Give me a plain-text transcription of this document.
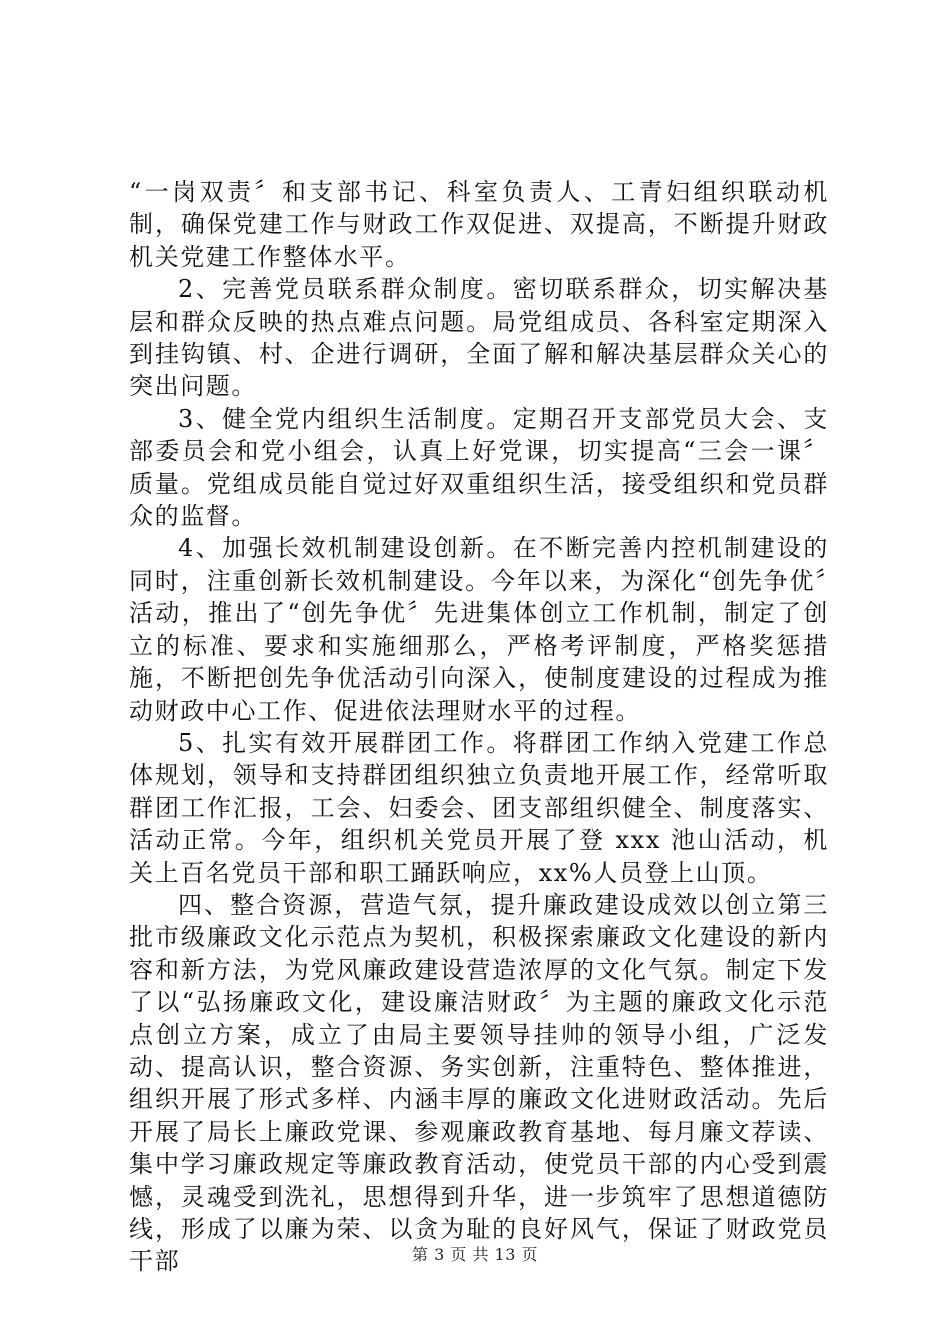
“一岗双责〞和支部书记、科室负责人、工青妇组织联动机制，确保党建工作与财政工作双促进、双提高，不断提升财政机关党建工作整体水平。

2、完善党员联系群众制度。密切联系群众，切实解决基层和群众反映的热点难点问题。局党组成员、各科室定期深入到挂钩镇、村、企进行调研，全面了解和解决基层群众关心的突出问题。

3、健全党内组织生活制度。定期召开支部党员大会、支部委员会和党小组会，认真上好党课，切实提高“三会一课〞质量。党组成员能自觉过好双重组织生活，接受组织和党员群众的监督。

4、加强长效机制建设创新。在不断完善内控机制建设的同时，注重创新长效机制建设。今年以来，为深化“创先争优〞活动，推出了“创先争优〞先进集体创立工作机制，制定了创立的标准、要求和实施细那么，严格考评制度，严格奖惩措施，不断把创先争优活动引向深入，使制度建设的过程成为推动财政中心工作、促进依法理财水平的过程。

5、扎实有效开展群团工作。将群团工作纳入党建工作总体规划，领导和支持群团组织独立负责地开展工作，经常听取群团工作汇报，工会、妇委会、团支部组织健全、制度落实、活动正常。今年，组织机关党员开展了登 xxx 池山活动，机关上百名党员干部和职工踊跃响应，xx%人员登上山顶。

四、整合资源，营造气氛，提升廉政建设成效以创立第三批市级廉政文化示范点为契机，积极探索廉政文化建设的新内容和新方法，为党风廉政建设营造浓厚的文化气氛。制定下发了以“弘扬廉政文化，建设廉洁财政〞为主题的廉政文化示范点创立方案，成立了由局主要领导挂帅的领导小组，广泛发动、提高认识，整合资源、务实创新，注重特色、整体推进，组织开展了形式多样、内涵丰厚的廉政文化进财政活动。先后开展了局长上廉政党课、参观廉政教育基地、每月廉文荐读、集中学习廉政规定等廉政教育活动，使党员干部的内心受到震憾，灵魂受到洗礼，思想得到升华，进一步筑牢了思想道德防线，形成了以廉为荣、以贪为耻的良好风气，保证了财政党员干部	第 3 页 共 13 页
